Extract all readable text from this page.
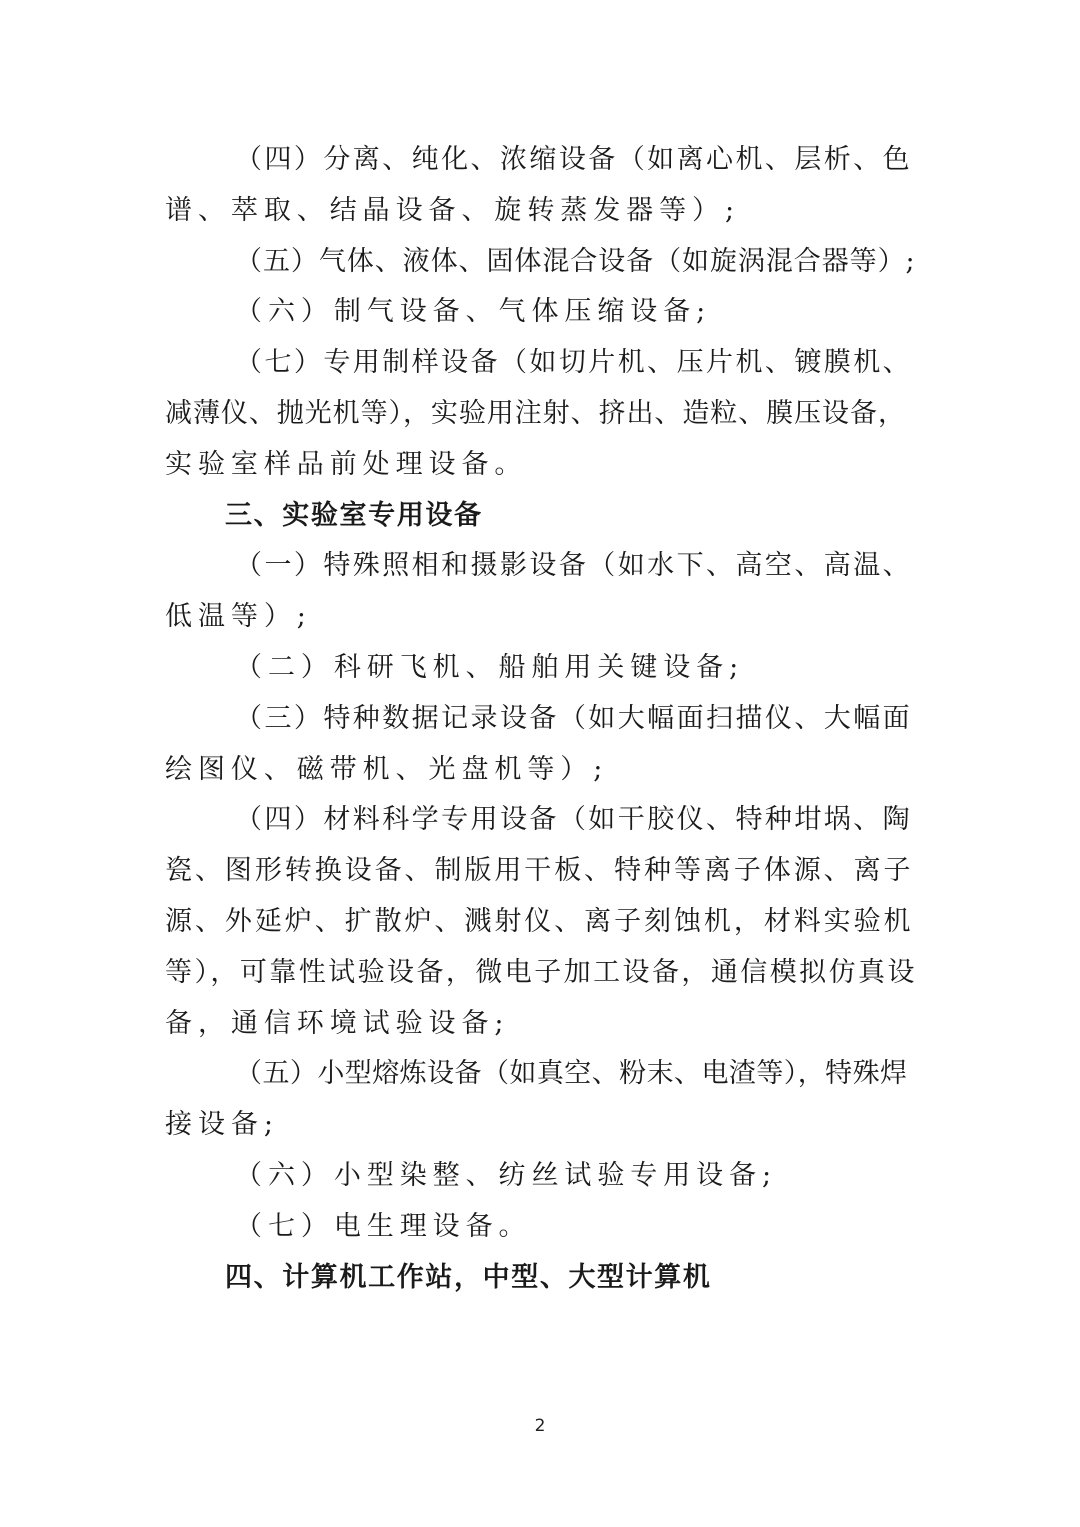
（四）分离、纯化、浓缩设备（如离心机、层析、色
谱、萃取、结晶设备、旋转蒸发器等）;
（五）气体、液体、固体混合设备（如旋涡混合器等）;
（六）制气设备、气体压缩设备;
（七）专用制样设备（如切片机、压片机、镀膜机、
减薄仪、抛光机等），实验用注射、挤出、造粒、膜压设备，
实验室样品前处理设备。
三、实验室专用设备
（一）特殊照相和摄影设备（如水下、高空、高温、
低温等）;
（二）科研飞机、船舶用关键设备;
（三）特种数据记录设备（如大幅面扫描仪、大幅面
绘图仪、磁带机、光盘机等）;
（四）材料科学专用设备（如干胶仪、特种坩埚、陶
瓷、图形转换设备、制版用干板、特种等离子体源、离子
源、外延炉、扩散炉、溅射仪、离子刻蚀机，材料实验机
等），可靠性试验设备，微电子加工设备，通信模拟仿真设
备，通信环境试验设备;
（五）小型熔炼设备（如真空、粉末、电渣等），特殊焊
接设备;
（六）小型染整、纺丝试验专用设备;
（七）电生理设备。
四、计算机工作站，中型、大型计算机
2
